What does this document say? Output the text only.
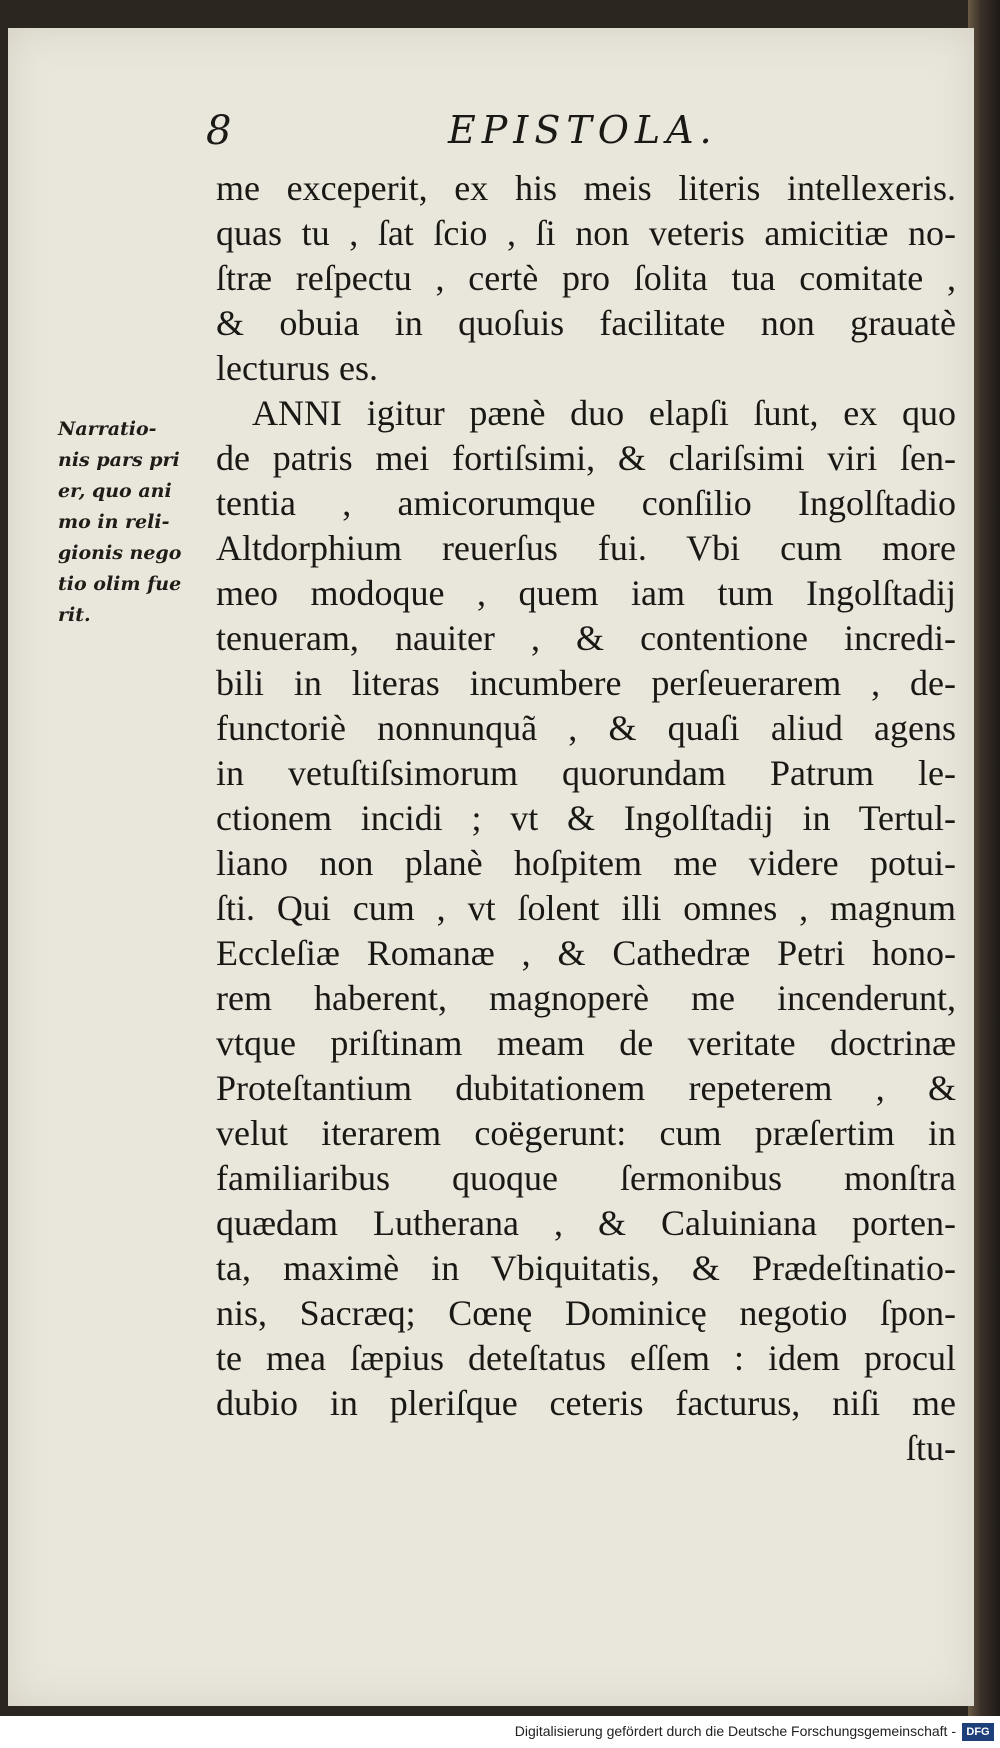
8	EPISTOLA.
Narratio-
nis pars pri
er, quo ani
mo in reli-
gionis nego
tio olim fue
rit.
me exceperit, ex his meis literis intellexeris.
quas tu , ſat ſcio , ſi non veteris amicitiæ no-
ſtræ reſpectu , certè pro ſolita tua comitate ,
& obuia in quoſuis facilitate non grauatè
lecturus es.
ANNI igitur pænè duo elapſi ſunt, ex quo
de patris mei fortiſsimi, & clariſsimi viri ſen-
tentia , amicorumque conſilio Ingolſtadio
Altdorphium reuerſus fui. Vbi cum more
meo modoque , quem iam tum Ingolſtadij
tenueram, nauiter , & contentione incredi-
bili in literas incumbere perſeuerarem , de-
functoriè nonnunquã , & quaſi aliud agens
in vetuſtiſsimorum quorundam Patrum le-
ctionem incidi ; vt & Ingolſtadij in Tertul-
liano non planè hoſpitem me videre potui-
ſti. Qui cum , vt ſolent illi omnes , magnum
Eccleſiæ Romanæ , & Cathedræ Petri hono-
rem haberent, magnoperè me incenderunt,
vtque priſtinam meam de veritate doctrinæ
Proteſtantium dubitationem repeterem , &
velut iterarem coëgerunt: cum præſertim in
familiaribus quoque ſermonibus monſtra
quædam Lutherana , & Caluiniana porten-
ta, maximè in Vbiquitatis, & Prædeſtinatio-
nis, Sacræq; Cœnę Dominicę negotio ſpon-
te mea ſæpius deteſtatus eſſem : idem procul
dubio in pleriſque ceteris facturus, niſi me
ſtu-
Digitalisierung gefördert durch die Deutsche Forschungsgemeinschaft - DFG
